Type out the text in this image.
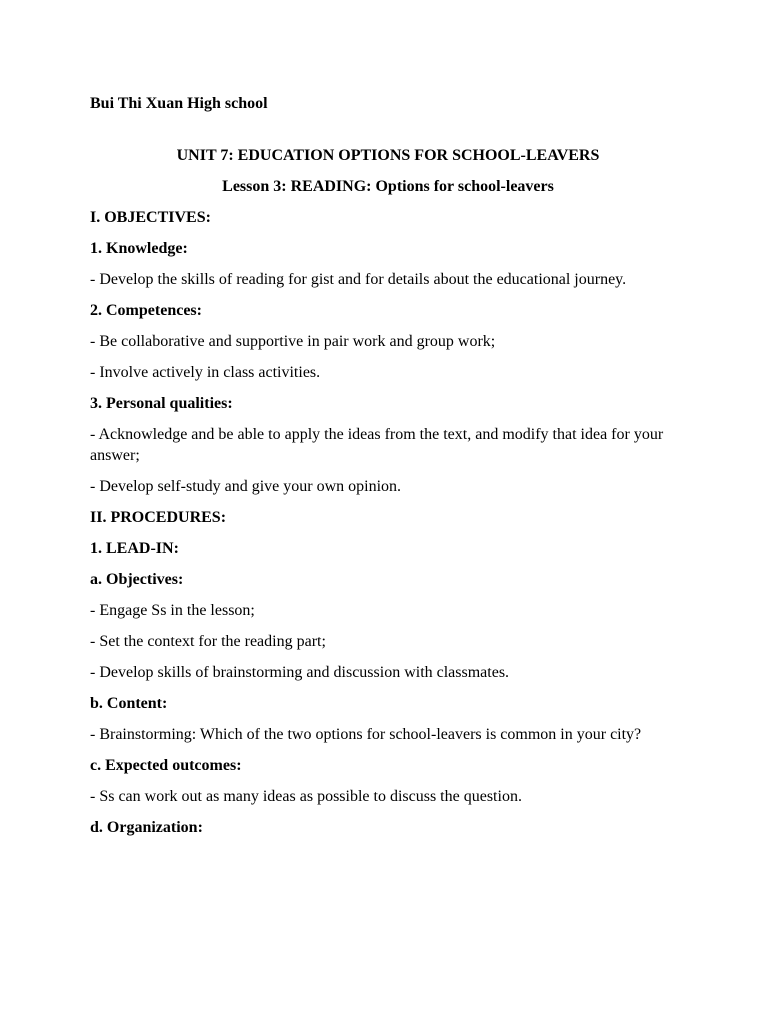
Bui Thi Xuan High school
UNIT 7: EDUCATION OPTIONS FOR SCHOOL-LEAVERS
Lesson 3: READING: Options for school-leavers
I. OBJECTIVES:
1. Knowledge:
- Develop the skills of reading for gist and for details about the educational journey.
2. Competences:
- Be collaborative and supportive in pair work and group work;
- Involve actively in class activities.
3. Personal qualities:
- Acknowledge and be able to apply the ideas from the text, and modify that idea for your answer;
- Develop self-study and give your own opinion.
II. PROCEDURES:
1. LEAD-IN:
a. Objectives:
- Engage Ss in the lesson;
- Set the context for the reading part;
- Develop skills of brainstorming and discussion with classmates.
b. Content:
- Brainstorming: Which of the two options for school-leavers is common in your city?
c. Expected outcomes:
- Ss can work out as many ideas as possible to discuss the question.
d. Organization:
